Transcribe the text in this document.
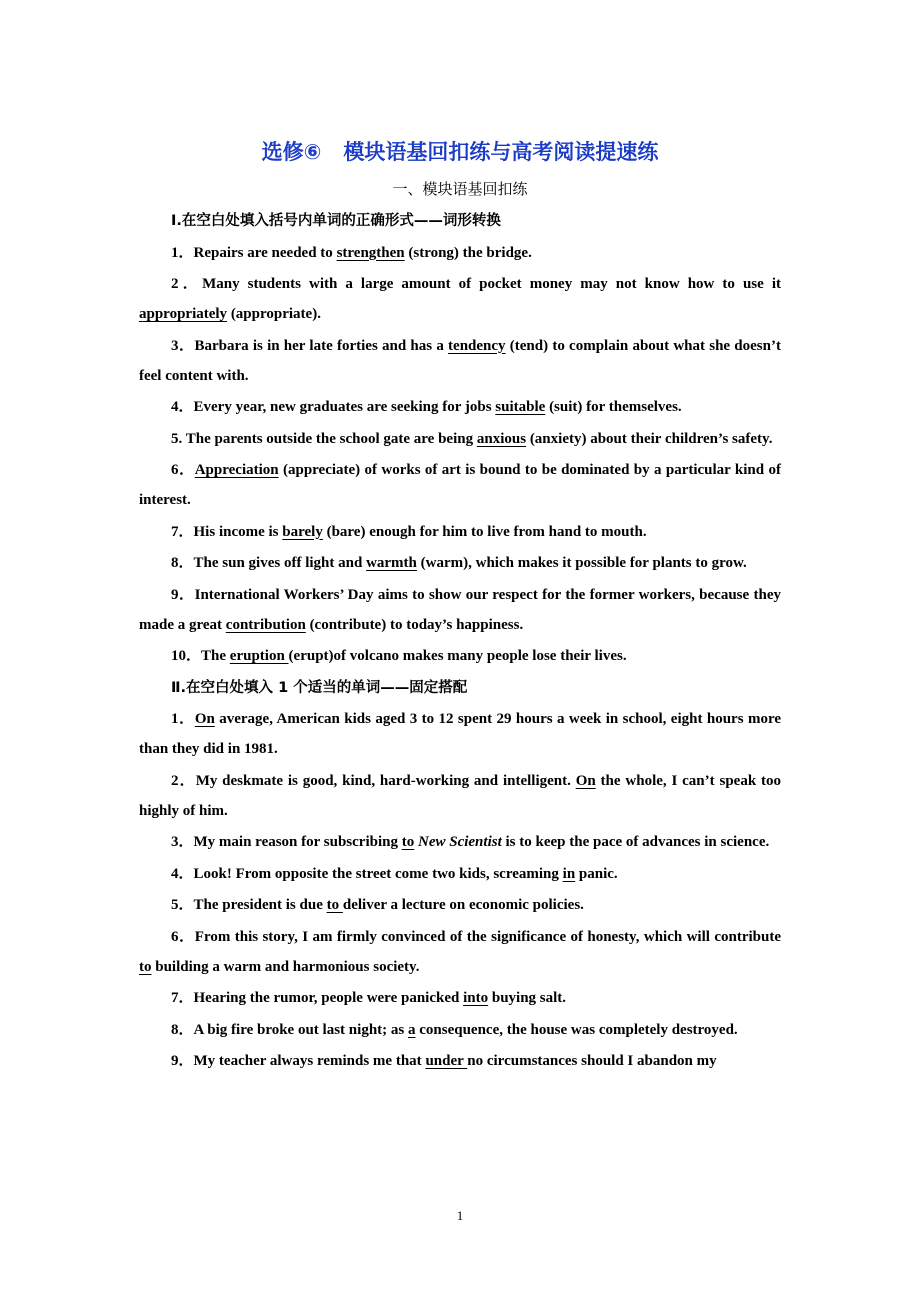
选修⑥ 模块语基回扣练与高考阅读提速练
一、模块语基回扣练
Ⅰ.在空白处填入括号内单词的正确形式——词形转换
1．Repairs are needed to strengthen (strong) the bridge.
2．Many students with a large amount of pocket money may not know how to use it appropriately (appropriate).
3．Barbara is in her late forties and has a tendency (tend) to complain about what she doesn’t feel content with.
4．Every year, new graduates are seeking for jobs suitable (suit) for themselves.
5. The parents outside the school gate are being anxious (anxiety) about their children’s safety.
6．Appreciation (appreciate) of works of art is bound to be dominated by a particular kind of interest.
7．His income is barely (bare) enough for him to live from hand to mouth.
8．The sun gives off light and warmth (warm), which makes it possible for plants to grow.
9．International Workers’ Day aims to show our respect for the former workers, because they made a great contribution (contribute) to today’s happiness.
10．The eruption (erupt)of volcano makes many people lose their lives.
Ⅱ.在空白处填入 1 个适当的单词——固定搭配
1．On average, American kids aged 3 to 12 spent 29 hours a week in school, eight hours more than they did in 1981.
2．My deskmate is good, kind, hard-working and intelligent. On the whole, I can’t speak too highly of him.
3．My main reason for subscribing to New Scientist is to keep the pace of advances in science.
4．Look! From opposite the street come two kids, screaming in panic.
5．The president is due to deliver a lecture on economic policies.
6．From this story, I am firmly convinced of the significance of honesty, which will contribute to building a warm and harmonious society.
7．Hearing the rumor, people were panicked into buying salt.
8．A big fire broke out last night; as a consequence, the house was completely destroyed.
9．My teacher always reminds me that under no circumstances should I abandon my
1
